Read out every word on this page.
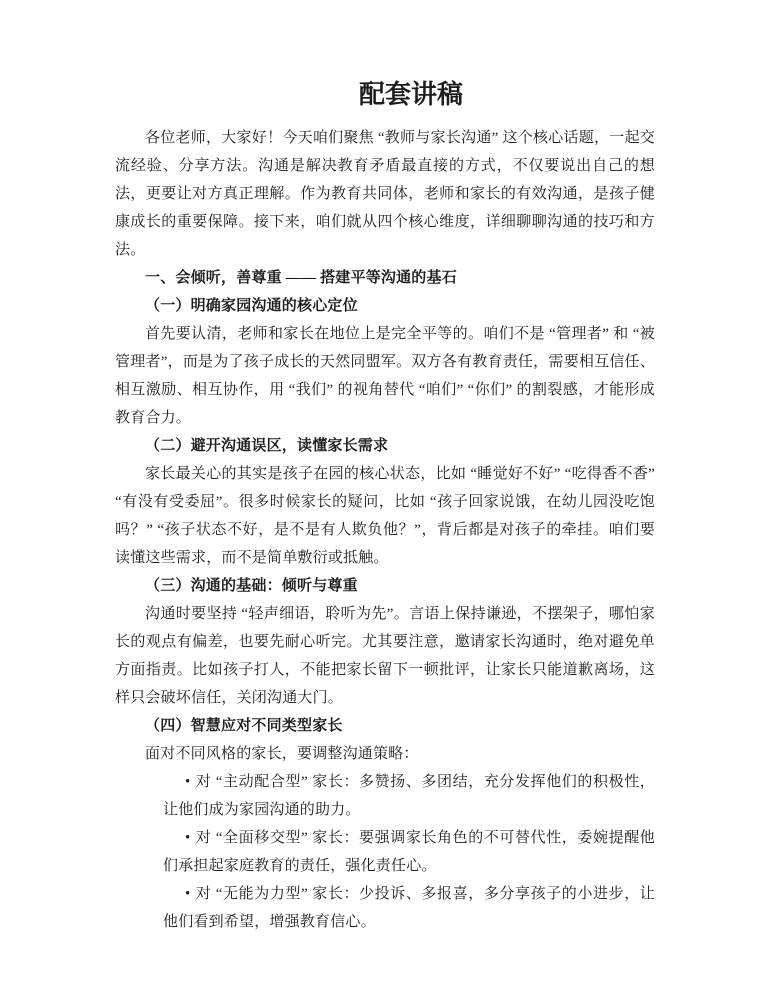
配套讲稿

各位老师，大家好！今天咱们聚焦 “教师与家长沟通” 这个核心话题，一起交流经验、分享方法。沟通是解决教育矛盾最直接的方式，不仅要说出自己的想法，更要让对方真正理解。作为教育共同体，老师和家长的有效沟通，是孩子健康成长的重要保障。接下来，咱们就从四个核心维度，详细聊聊沟通的技巧和方法。

一、会倾听，善尊重 —— 搭建平等沟通的基石

（一）明确家园沟通的核心定位

首先要认清，老师和家长在地位上是完全平等的。咱们不是 “管理者” 和 “被管理者”，而是为了孩子成长的天然同盟军。双方各有教育责任，需要相互信任、相互激励、相互协作，用 “我们” 的视角替代 “咱们” “你们” 的割裂感，才能形成教育合力。

（二）避开沟通误区，读懂家长需求

家长最关心的其实是孩子在园的核心状态，比如 “睡觉好不好” “吃得香不香” “有没有受委屈”。很多时候家长的疑问，比如 “孩子回家说饿，在幼儿园没吃饱吗？” “孩子状态不好，是不是有人欺负他？”，背后都是对孩子的牵挂。咱们要读懂这些需求，而不是简单敷衍或抵触。

（三）沟通的基础：倾听与尊重

沟通时要坚持 “轻声细语，聆听为先”。言语上保持谦逊，不摆架子，哪怕家长的观点有偏差，也要先耐心听完。尤其要注意，邀请家长沟通时，绝对避免单方面指责。比如孩子打人，不能把家长留下一顿批评，让家长只能道歉离场，这样只会破坏信任，关闭沟通大门。

（四）智慧应对不同类型家长

面对不同风格的家长，要调整沟通策略：

• 对 “主动配合型” 家长：多赞扬、多团结，充分发挥他们的积极性，让他们成为家园沟通的助力。

• 对 “全面移交型” 家长：要强调家长角色的不可替代性，委婉提醒他们承担起家庭教育的责任，强化责任心。

• 对 “无能为力型” 家长：少投诉、多报喜，多分享孩子的小进步，让他们看到希望，增强教育信心。
